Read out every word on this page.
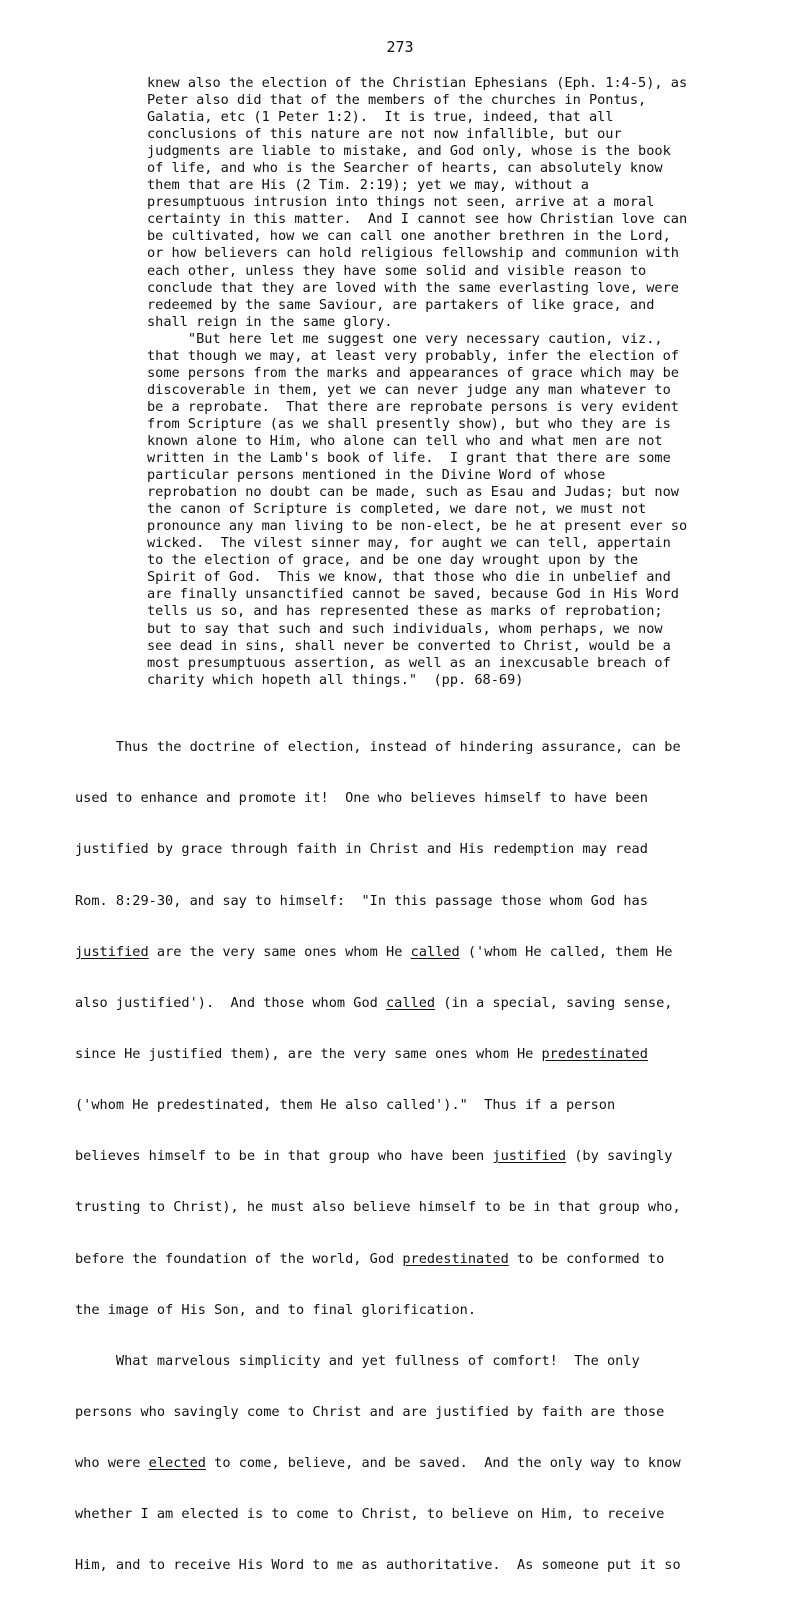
273
knew also the election of the Christian Ephesians (Eph. 1:4-5), as
Peter also did that of the members of the churches in Pontus,
Galatia, etc (1 Peter 1:2).  It is true, indeed, that all
conclusions of this nature are not now infallible, but our
judgments are liable to mistake, and God only, whose is the book
of life, and who is the Searcher of hearts, can absolutely know
them that are His (2 Tim. 2:19); yet we may, without a
presumptuous intrusion into things not seen, arrive at a moral
certainty in this matter.  And I cannot see how Christian love can
be cultivated, how we can call one another brethren in the Lord,
or how believers can hold religious fellowship and communion with
each other, unless they have some solid and visible reason to
conclude that they are loved with the same everlasting love, were
redeemed by the same Saviour, are partakers of like grace, and
shall reign in the same glory.
"But here let me suggest one very necessary caution, viz.,
that though we may, at least very probably, infer the election of
some persons from the marks and appearances of grace which may be
discoverable in them, yet we can never judge any man whatever to
be a reprobate.  That there are reprobate persons is very evident
from Scripture (as we shall presently show), but who they are is
known alone to Him, who alone can tell who and what men are not
written in the Lamb's book of life.  I grant that there are some
particular persons mentioned in the Divine Word of whose
reprobation no doubt can be made, such as Esau and Judas; but now
the canon of Scripture is completed, we dare not, we must not
pronounce any man living to be non-elect, be he at present ever so
wicked.  The vilest sinner may, for aught we can tell, appertain
to the election of grace, and be one day wrought upon by the
Spirit of God.  This we know, that those who die in unbelief and
are finally unsanctified cannot be saved, because God in His Word
tells us so, and has represented these as marks of reprobation;
but to say that such and such individuals, whom perhaps, we now
see dead in sins, shall never be converted to Christ, would be a
most presumptuous assertion, as well as an inexcusable breach of
charity which hopeth all things."  (pp. 68-69)

Thus the doctrine of election, instead of hindering assurance, can be

used to enhance and promote it!  One who believes himself to have been

justified by grace through faith in Christ and His redemption may read

Rom. 8:29-30, and say to himself:  "In this passage those whom God has

justified are the very same ones whom He called ('whom He called, them He

also justified').  And those whom God called (in a special, saving sense,

since He justified them), are the very same ones whom He predestinated

('whom He predestinated, them He also called')."  Thus if a person

believes himself to be in that group who have been justified (by savingly

trusting to Christ), he must also believe himself to be in that group who,

before the foundation of the world, God predestinated to be conformed to

the image of His Son, and to final glorification.

What marvelous simplicity and yet fullness of comfort!  The only

persons who savingly come to Christ and are justified by faith are those

who were elected to come, believe, and be saved.  And the only way to know

whether I am elected is to come to Christ, to believe on Him, to receive

Him, and to receive His Word to me as authoritative.  As someone put it so
